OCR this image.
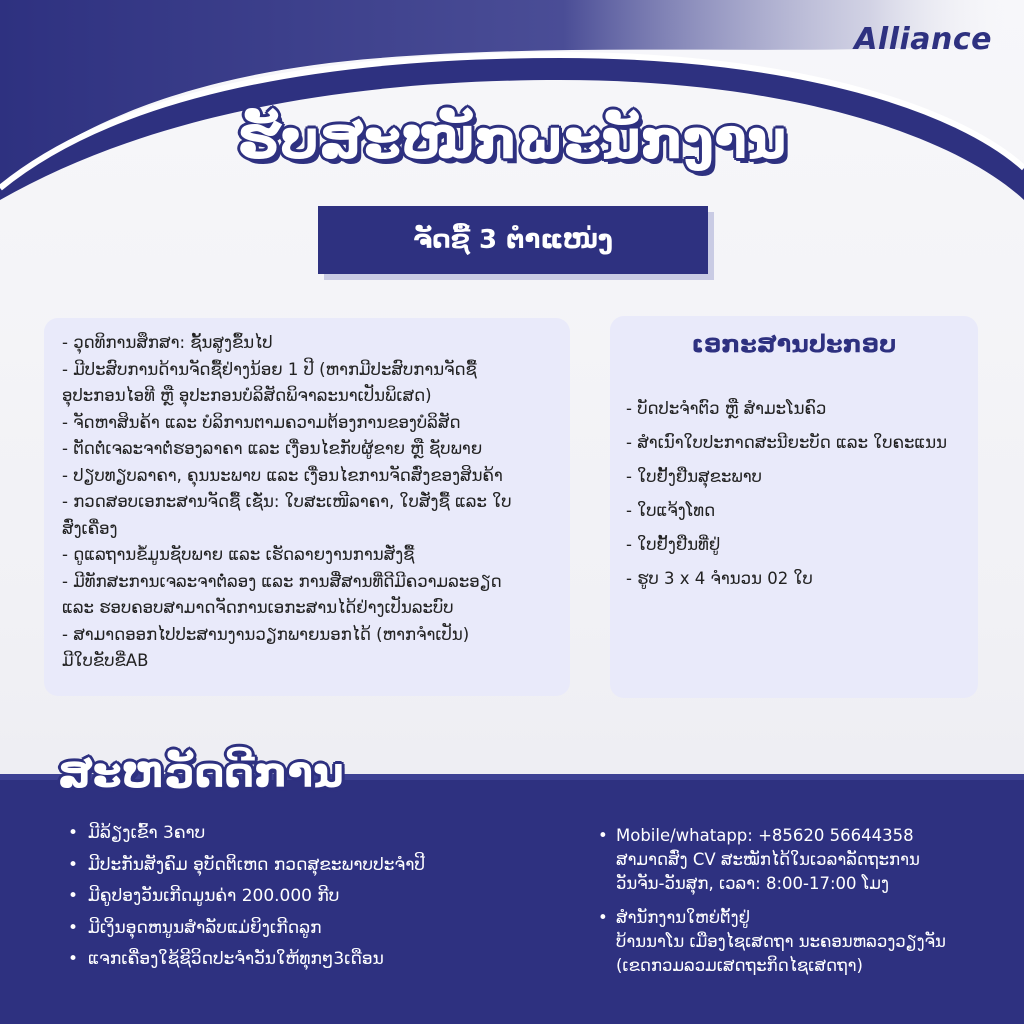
Alliance
ຮັບສະໝັກພະນັກງານ
ຈັດຊື້ 3 ຕຳແໜ່ງ
- ວຸດທິການສຶກສາ: ຊັ້ນສູງຂຶ້ນໄປ
- ມີປະສົບການດ້ານຈັດຊື້ຢ່າງນ້ອຍ 1 ປີ (ຫາກມີປະສົບການຈັດຊື້
ອຸປະກອນໄອທີ ຫຼື ອຸປະກອນບໍລິສັດພິຈາລະນາເປັນພິເສດ)
- ຈັດຫາສິນຄ້າ ແລະ ບໍລິການຕາມຄວາມຕ້ອງການຂອງບໍລິສັດ
- ຕັດຕໍ່ເຈລະຈາຕໍ່ຮອງລາຄາ ແລະ ເງື່ອນໄຂກັບຜູ້ຂາຍ ຫຼື ຊັບພາຍ
- ປຽບທຽບລາຄາ, ຄຸນນະພາບ ແລະ ເງື່ອນໄຂການຈັດສົ່ງຂອງສິນຄ້າ
- ກວດສອບເອກະສານຈັດຊື້ ເຊັ່ນ: ໃບສະເໜີລາຄາ, ໃບສັ່ງຊື້ ແລະ ໃບ
ສົ່ງເຄື່ອງ
- ດູແລຖານຂໍ້ມູນຊັບພາຍ ແລະ ເຮັດລາຍງານການສັ່ງຊື້
- ມີທັກສະການເຈລະຈາຕໍ່ລອງ ແລະ ການສື່ສານທີ່ດີມີຄວາມລະອຽດ
ແລະ ຮອບຄອບສາມາດຈັດການເອກະສານໄດ້ຢ່າງເປັນລະບົບ
- ສາມາດອອກໄປປະສານງານວຽກພາຍນອກໄດ້ (ຫາກຈຳເປັນ)
ມີໃບຂັບຂີ່AB
ເອກະສານປະກອບ
- ບັດປະຈຳຕົວ ຫຼື ສຳມະໂນຄົວ
- ສຳເນົາໃບປະກາດສະນີຍະບັດ ແລະ ໃບຄະແນນ
- ໃບຢັ້ງຢືນສຸຂະພາບ
- ໃບແຈ້ງໂທດ
- ໃບຢັ້ງຢືນທີ່ຢູ່
- ຮູບ 3 x 4 ຈຳນວນ 02 ໃບ
ສະຫວັດດີການ
• ມີລ້ຽງເຂົ້າ 3ຄາບ
• ມີປະກັນສັງຄົມ ອຸບັດຕິເຫດ ກວດສຸຂະພາບປະຈຳປີ
• ມີຄູປອງວັນເກີດມູນຄ່າ 200.000 ກີບ
• ມີເງິນອຸດຫນູນສຳລັບແມ່ຍິງເກີດລູກ
• ແຈກເຄື່ອງໃຊ້ຊີວິດປະຈຳວັນໃຫ້ທຸກໆ3ເດືອນ
• Mobile/whatapp: +85620 56644358
ສາມາດສົ່ງ CV ສະໝັກໄດ້ໃນເວລາລັດຖະການ
ວັນຈັນ-ວັນສຸກ, ເວລາ: 8:00-17:00 ໂມງ
• ສຳນັກງານໃຫຍ່ຕັ້ງຢູ່
ບ້ານນາໂນ ເມືອງໄຊເສດຖາ ນະຄອນຫລວງວຽງຈັນ
(ເຂດກວມລວມເສດຖະກິດໄຊເສດຖາ)
